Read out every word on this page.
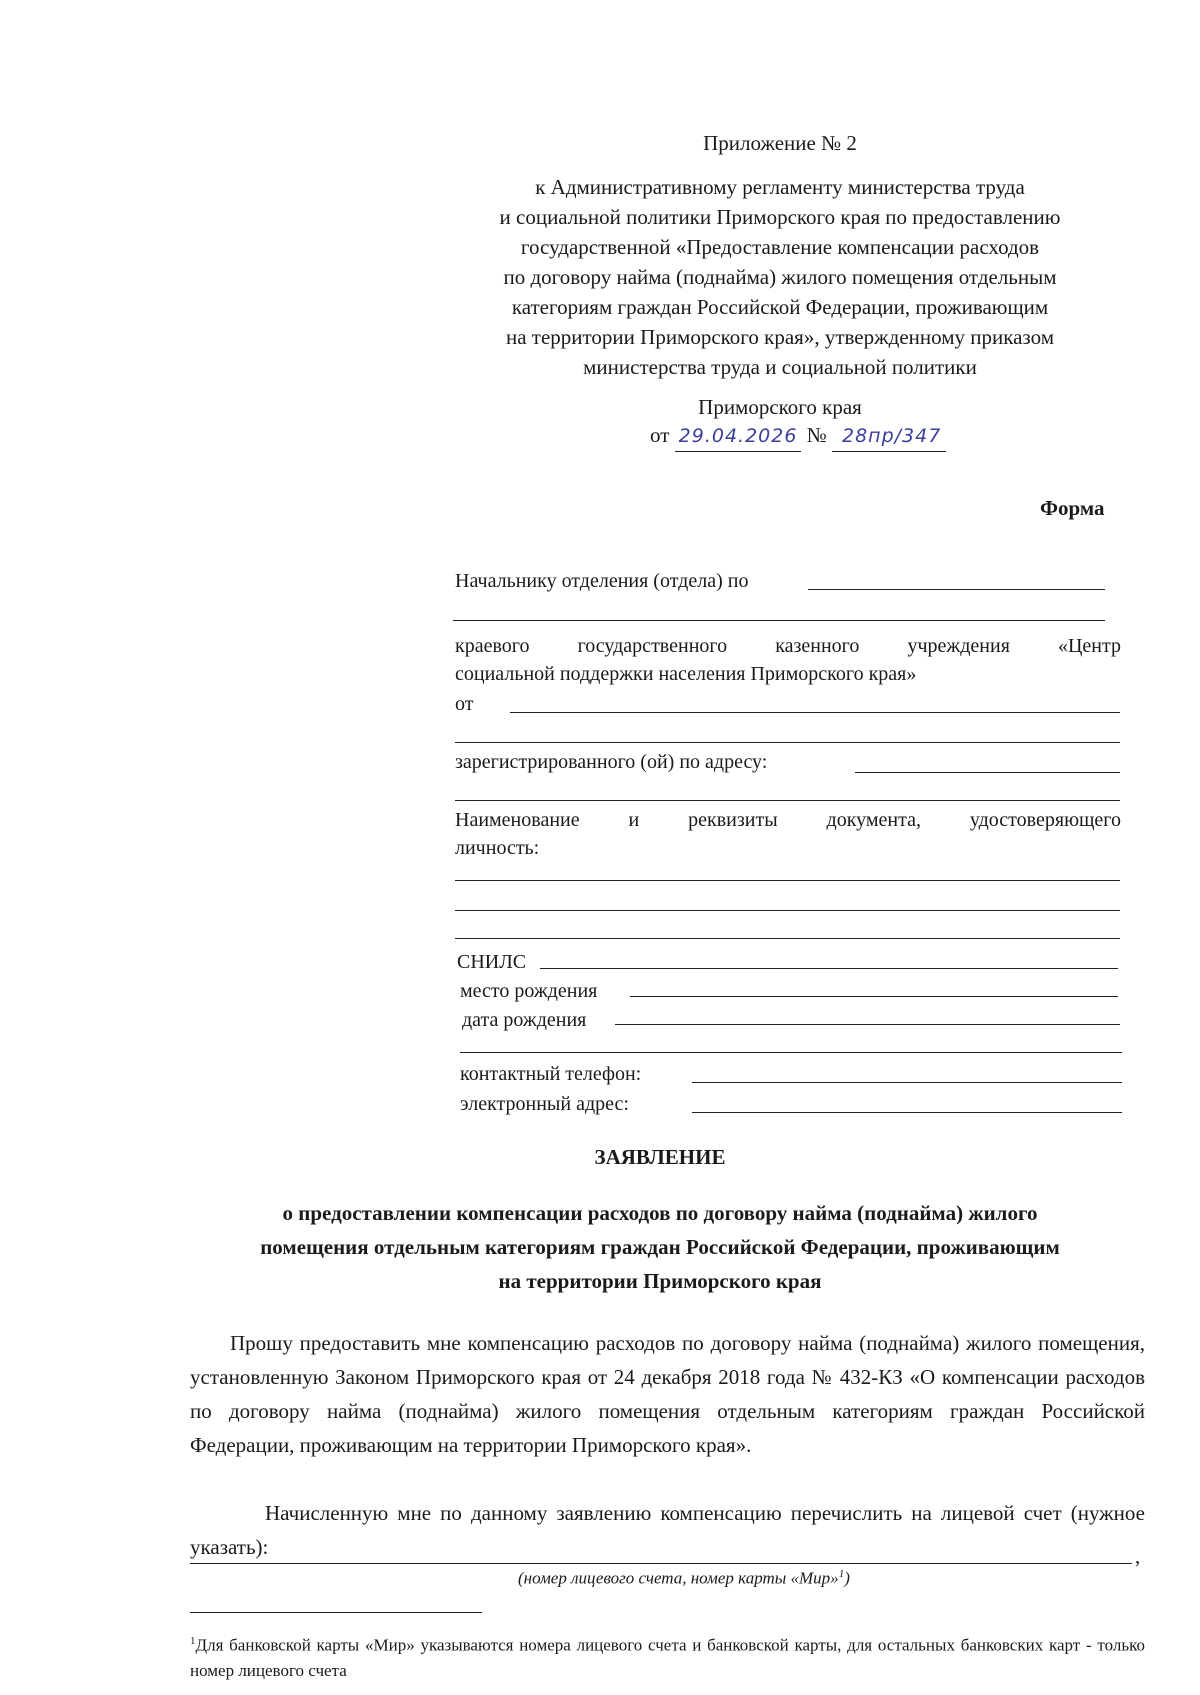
Приложение № 2
к Административному регламенту министерства труда
и социальной политики Приморского края по предоставлению
государственной «Предоставление компенсации расходов
по договору найма (поднайма) жилого помещения отдельным
категориям граждан Российской Федерации, проживающим
на территории Приморского края», утвержденному приказом
министерства труда и социальной политики
Приморского края
от 29.04.2026 № 28пр/347
Форма
Начальнику отделения (отдела) по
краевого государственного казенного учреждения «Центр
социальной поддержки населения Приморского края»
от
зарегистрированного (ой) по адресу:
Наименование и реквизиты документа, удостоверяющего
личность:
СНИЛС
место рождения
дата рождения
контактный телефон:
электронный адрес:
ЗАЯВЛЕНИЕ
о предоставлении компенсации расходов по договору найма (поднайма) жилого
помещения отдельным категориям граждан Российской Федерации, проживающим
на территории Приморского края
Прошу предоставить мне компенсацию расходов по договору найма (поднайма) жилого помещения, установленную Законом Приморского края от 24 декабря 2018 года № 432-КЗ «О компенсации расходов по договору найма (поднайма) жилого помещения отдельным категориям граждан Российской Федерации, проживающим на территории Приморского края».
Начисленную мне по данному заявлению компенсацию перечислить на лицевой счет (нужное указать):	,
(номер лицевого счета, номер карты «Мир»$^1$)
$^1$Для банковской карты «Мир» указываются номера лицевого счета и банковской карты, для остальных банковских карт - только номер лицевого счета
